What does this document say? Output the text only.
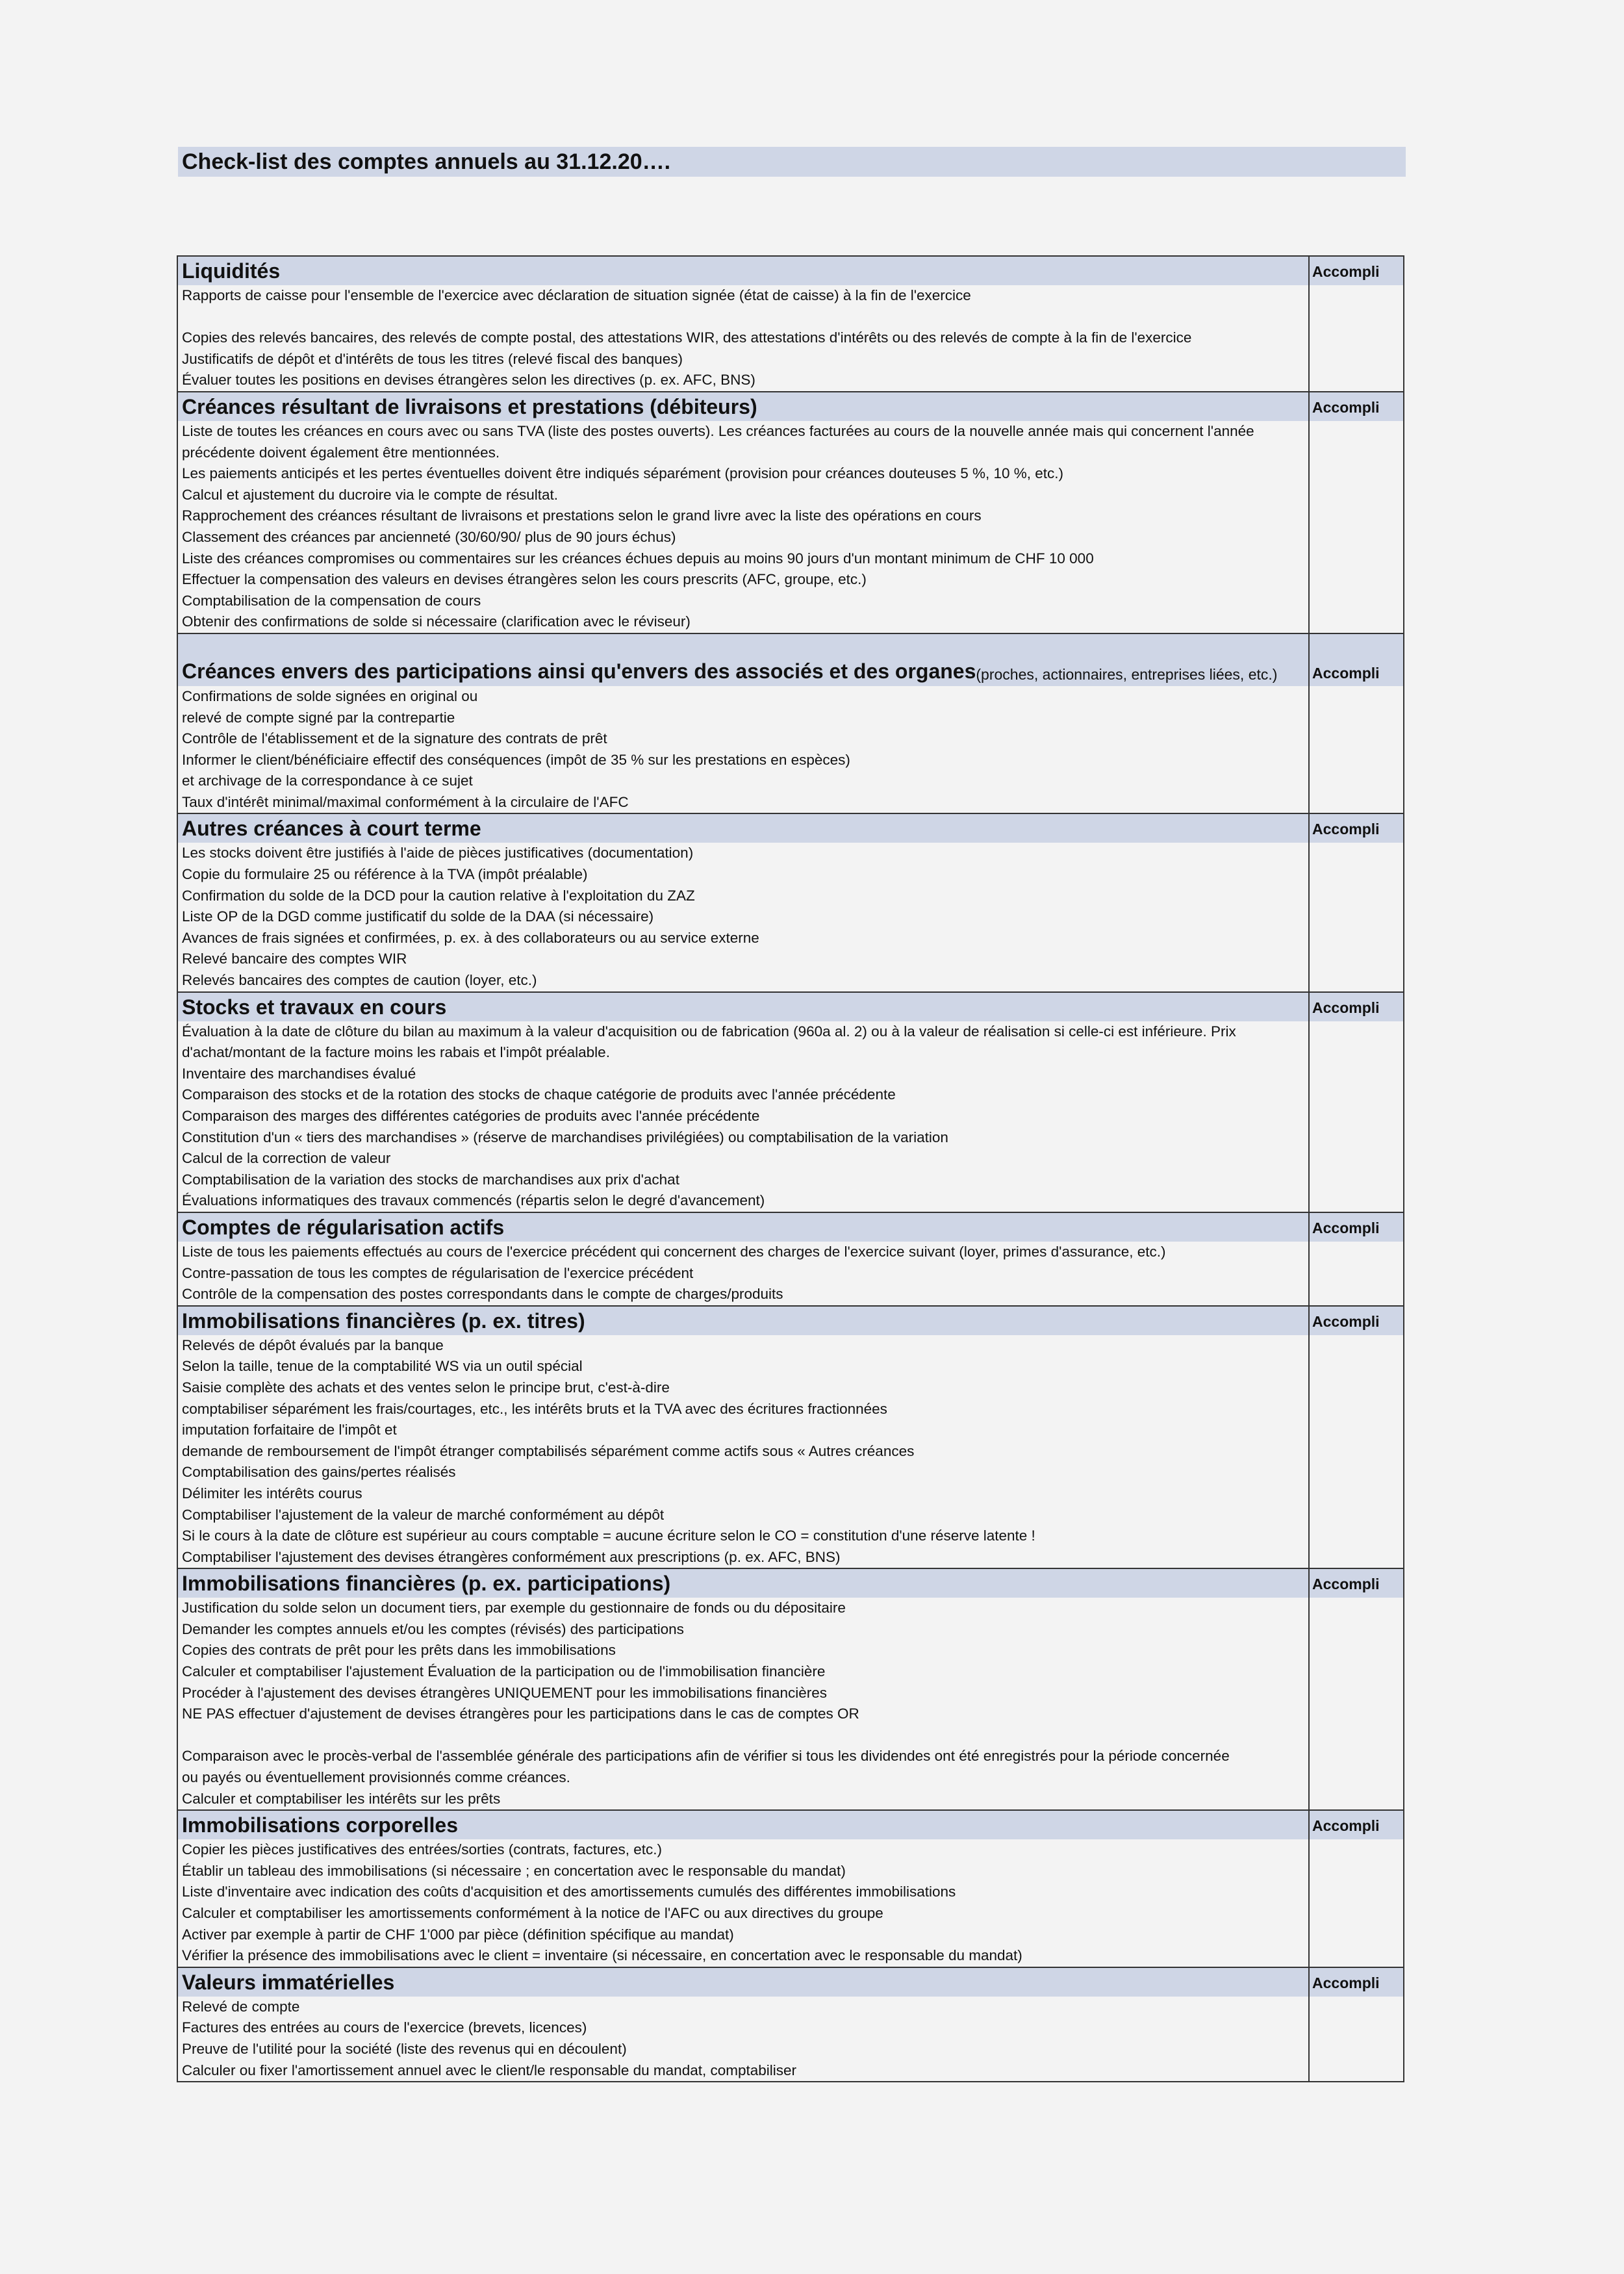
Check-list des comptes annuels au 31.12.20….
Liquidités
Rapports de caisse pour l'ensemble de l'exercice avec déclaration de situation signée (état de caisse) à la fin de l'exercice
Copies des relevés bancaires, des relevés de compte postal, des attestations WIR, des attestations d'intérêts ou des relevés de compte à la fin de l'exercice
Justificatifs de dépôt et d'intérêts de tous les titres (relevé fiscal des banques)
Évaluer toutes les positions en devises étrangères selon les directives (p. ex. AFC, BNS)
Accompli
Créances résultant de livraisons et prestations (débiteurs)
Liste de toutes les créances en cours avec ou sans TVA (liste des postes ouverts). Les créances facturées au cours de la nouvelle année mais qui concernent l'année
précédente doivent également être mentionnées.
Les paiements anticipés et les pertes éventuelles doivent être indiqués séparément (provision pour créances douteuses 5 %, 10 %, etc.)
Calcul et ajustement du ducroire via le compte de résultat.
Rapprochement des créances résultant de livraisons et prestations selon le grand livre avec la liste des opérations en cours
Classement des créances par ancienneté (30/60/90/ plus de 90 jours échus)
Liste des créances compromises ou commentaires sur les créances échues depuis au moins 90 jours d'un montant minimum de CHF 10 000
Effectuer la compensation des valeurs en devises étrangères selon les cours prescrits (AFC, groupe, etc.)
Comptabilisation de la compensation de cours
Obtenir des confirmations de solde si nécessaire (clarification avec le réviseur)
Accompli
Créances envers des participations ainsi qu'envers des associés et des organes (proches, actionnaires, entreprises liées, etc.)
Confirmations de solde signées en original ou
relevé de compte signé par la contrepartie
Contrôle de l'établissement et de la signature des contrats de prêt
Informer le client/bénéficiaire effectif des conséquences (impôt de 35 % sur les prestations en espèces)
et archivage de la correspondance à ce sujet
Taux d'intérêt minimal/maximal conformément à la circulaire de l'AFC
Accompli
Autres créances à court terme
Les stocks doivent être justifiés à l'aide de pièces justificatives (documentation)
Copie du formulaire 25 ou référence à la TVA (impôt préalable)
Confirmation du solde de la DCD pour la caution relative à l'exploitation du ZAZ
Liste OP de la DGD comme justificatif du solde de la DAA (si nécessaire)
Avances de frais signées et confirmées, p. ex. à des collaborateurs ou au service externe
Relevé bancaire des comptes WIR
Relevés bancaires des comptes de caution (loyer, etc.)
Accompli
Stocks et travaux en cours
Évaluation à la date de clôture du bilan au maximum à la valeur d'acquisition ou de fabrication (960a al. 2) ou à la valeur de réalisation si celle-ci est inférieure. Prix
d'achat/montant de la facture moins les rabais et l'impôt préalable.
Inventaire des marchandises évalué
Comparaison des stocks et de la rotation des stocks de chaque catégorie de produits avec l'année précédente
Comparaison des marges des différentes catégories de produits avec l'année précédente
Constitution d'un « tiers des marchandises » (réserve de marchandises privilégiées) ou comptabilisation de la variation
Calcul de la correction de valeur
Comptabilisation de la variation des stocks de marchandises aux prix d'achat
Évaluations informatiques des travaux commencés (répartis selon le degré d'avancement)
Accompli
Comptes de régularisation actifs
Liste de tous les paiements effectués au cours de l'exercice précédent qui concernent des charges de l'exercice suivant (loyer, primes d'assurance, etc.)
Contre-passation de tous les comptes de régularisation de l'exercice précédent
Contrôle de la compensation des postes correspondants dans le compte de charges/produits
Accompli
Immobilisations financières (p. ex. titres)
Relevés de dépôt évalués par la banque
Selon la taille, tenue de la comptabilité WS via un outil spécial
Saisie complète des achats et des ventes selon le principe brut, c'est-à-dire
comptabiliser séparément les frais/courtages, etc., les intérêts bruts et la TVA avec des écritures fractionnées
imputation forfaitaire de l'impôt et
demande de remboursement de l'impôt étranger comptabilisés séparément comme actifs sous « Autres créances
Comptabilisation des gains/pertes réalisés
Délimiter les intérêts courus
Comptabiliser l'ajustement de la valeur de marché conformément au dépôt
Si le cours à la date de clôture est supérieur au cours comptable = aucune écriture selon le CO = constitution d'une réserve latente !
Comptabiliser l'ajustement des devises étrangères conformément aux prescriptions (p. ex. AFC, BNS)
Accompli
Immobilisations financières (p. ex. participations)
Justification du solde selon un document tiers, par exemple du gestionnaire de fonds ou du dépositaire
Demander les comptes annuels et/ou les comptes (révisés) des participations
Copies des contrats de prêt pour les prêts dans les immobilisations
Calculer et comptabiliser l'ajustement Évaluation de la participation ou de l'immobilisation financière
Procéder à l'ajustement des devises étrangères UNIQUEMENT pour les immobilisations financières
NE PAS effectuer d'ajustement de devises étrangères pour les participations dans le cas de comptes OR
Comparaison avec le procès-verbal de l'assemblée générale des participations afin de vérifier si tous les dividendes ont été enregistrés pour la période concernée
ou payés ou éventuellement provisionnés comme créances.
Calculer et comptabiliser les intérêts sur les prêts
Accompli
Immobilisations corporelles
Copier les pièces justificatives des entrées/sorties (contrats, factures, etc.)
Établir un tableau des immobilisations (si nécessaire ; en concertation avec le responsable du mandat)
Liste d'inventaire avec indication des coûts d'acquisition et des amortissements cumulés des différentes immobilisations
Calculer et comptabiliser les amortissements conformément à la notice de l'AFC ou aux directives du groupe
Activer par exemple à partir de CHF 1'000 par pièce (définition spécifique au mandat)
Vérifier la présence des immobilisations avec le client = inventaire (si nécessaire, en concertation avec le responsable du mandat)
Accompli
Valeurs immatérielles
Relevé de compte
Factures des entrées au cours de l'exercice (brevets, licences)
Preuve de l'utilité pour la société (liste des revenus qui en découlent)
Calculer ou fixer l'amortissement annuel avec le client/le responsable du mandat, comptabiliser
Accompli
